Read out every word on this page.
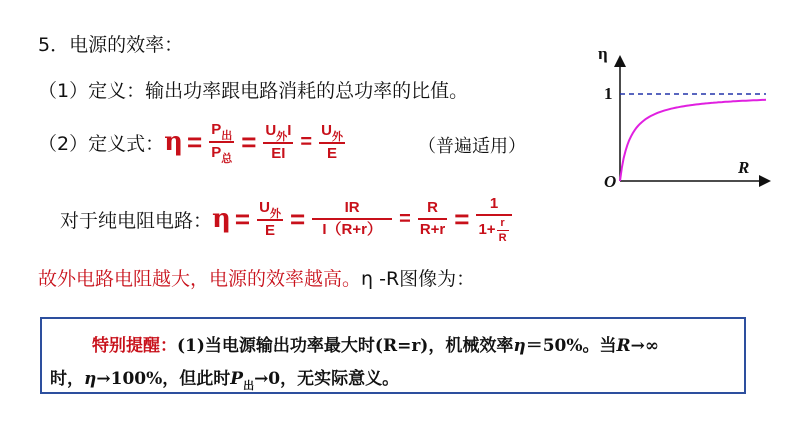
5．电源的效率：
（1）定义：输出功率跟电路消耗的总功率的比值。
（2）定义式： $\eta = \frac{P_出}{P_总} = \frac{U_外I}{EI} = \frac{U_外}{E}$	（普遍适用）
对于纯电阻电路： $\eta = \frac{U_外}{E} = \frac{IR}{I(R+r)} = \frac{R}{R+r} = \frac{1}{1+ \frac{r}{R}}$
故外电路电阻越大，电源的效率越高。η -R图像为：
特别提醒：(1)当电源输出功率最大时(R=r)，机械效率η＝50%。当R→∞
时，η→100%，但此时$P_出\to 0$，无实际意义。
η
1
O
R
